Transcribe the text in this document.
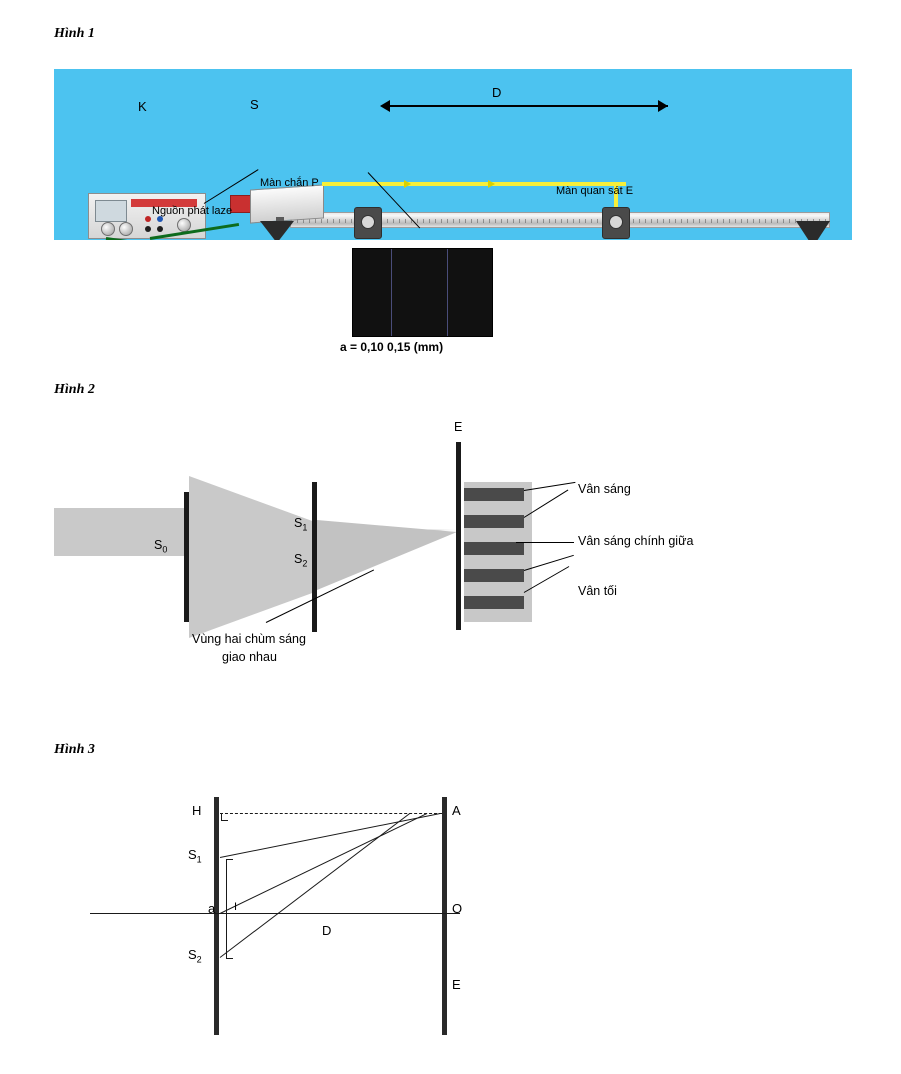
Hình 1
K	S
D
Nguồn phát laze
Màn chắn P
Màn quan sát E
a = 0,10 0,15 (mm)
Hình 2
$S_0$
$S_1$
$S_2$
E
Vân sáng
Vân sáng chính giữa
Vân tối
Vùng hai chùm sáng
giao nhau
Hình 3
H	A
$S_1$
$S_2$
a I	O
D
E
